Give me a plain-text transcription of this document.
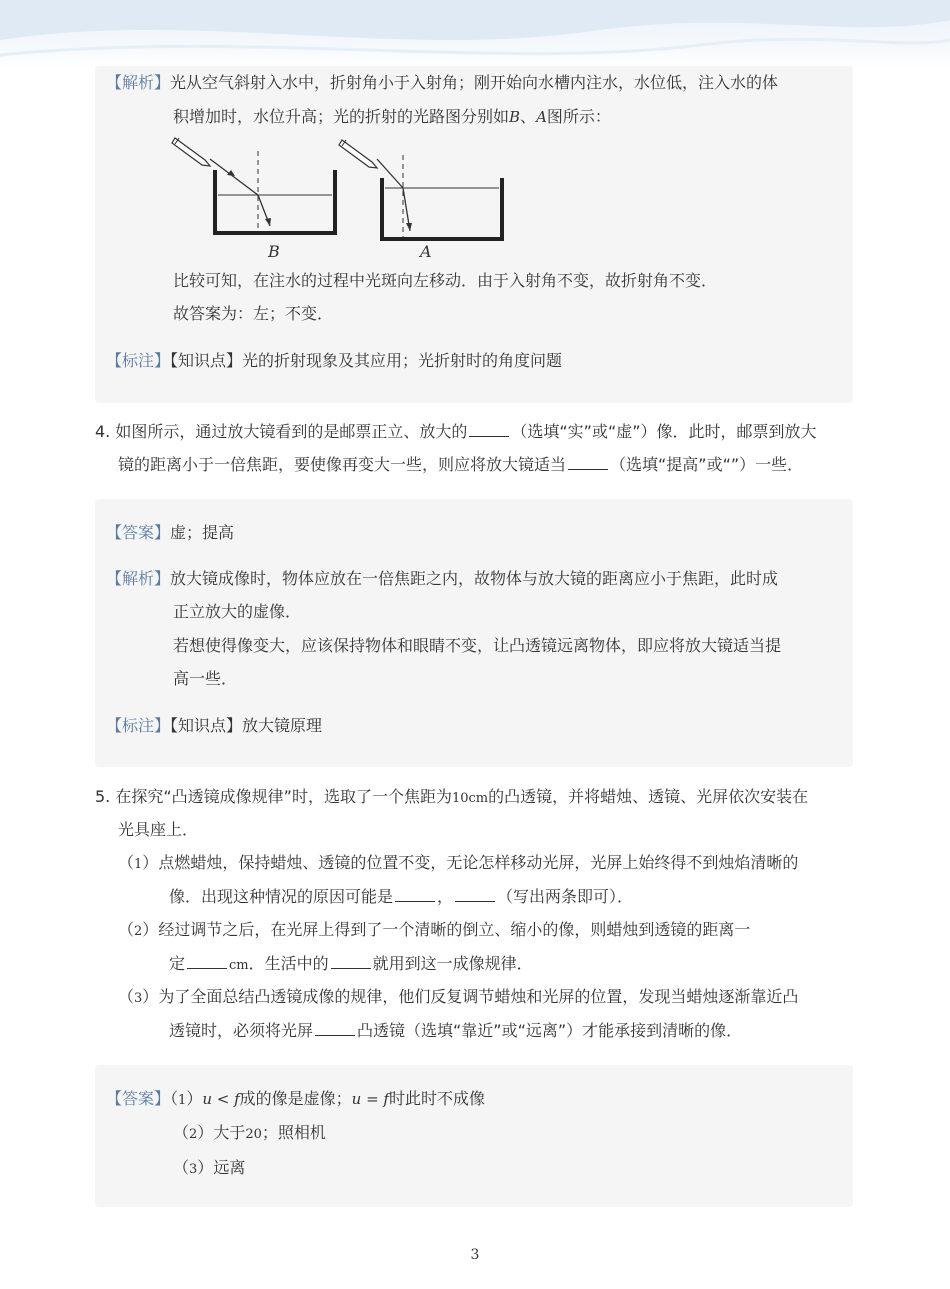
【解析】光从空气斜射入水中，折射角小于入射角；刚开始向水槽内注水，水位低，注入水的体
积增加时，水位升高；光的折射的光路图分别如B、A图所示：
B	A
比较可知，在注水的过程中光斑向左移动．由于入射角不变，故折射角不变．
故答案为：左；不变．
【标注】【知识点】光的折射现象及其应用；光折射时的角度问题
4. 如图所示，通过放大镜看到的是邮票正立、放大的	（选填“实”或“虚”）像．此时，邮票到放大
镜的距离小于一倍焦距，要使像再变大一些，则应将放大镜适当	（选填“提高”或“”）一些．
【答案】虚；提高
【解析】放大镜成像时，物体应放在一倍焦距之内，故物体与放大镜的距离应小于焦距，此时成
正立放大的虚像．
若想使得像变大，应该保持物体和眼睛不变，让凸透镜远离物体，即应将放大镜适当提
高一些．
【标注】【知识点】放大镜原理
5. 在探究“凸透镜成像规律”时，选取了一个焦距为10cm的凸透镜，并将蜡烛、透镜、光屏依次安装在
光具座上．
（1）点燃蜡烛，保持蜡烛、透镜的位置不变，无论怎样移动光屏，光屏上始终得不到烛焰清晰的
像．出现这种情况的原因可能是	，	（写出两条即可）．
（2）经过调节之后，在光屏上得到了一个清晰的倒立、缩小的像，则蜡烛到透镜的距离一
定	cm．生活中的	就用到这一成像规律．
（3）为了全面总结凸透镜成像的规律，他们反复调节蜡烛和光屏的位置，发现当蜡烛逐渐靠近凸
透镜时，必须将光屏	凸透镜（选填“靠近”或“远离”）才能承接到清晰的像．
【答案】（1）u < f成的像是虚像；u = f时此时不成像
（2）大于20；照相机
（3）远离
3
